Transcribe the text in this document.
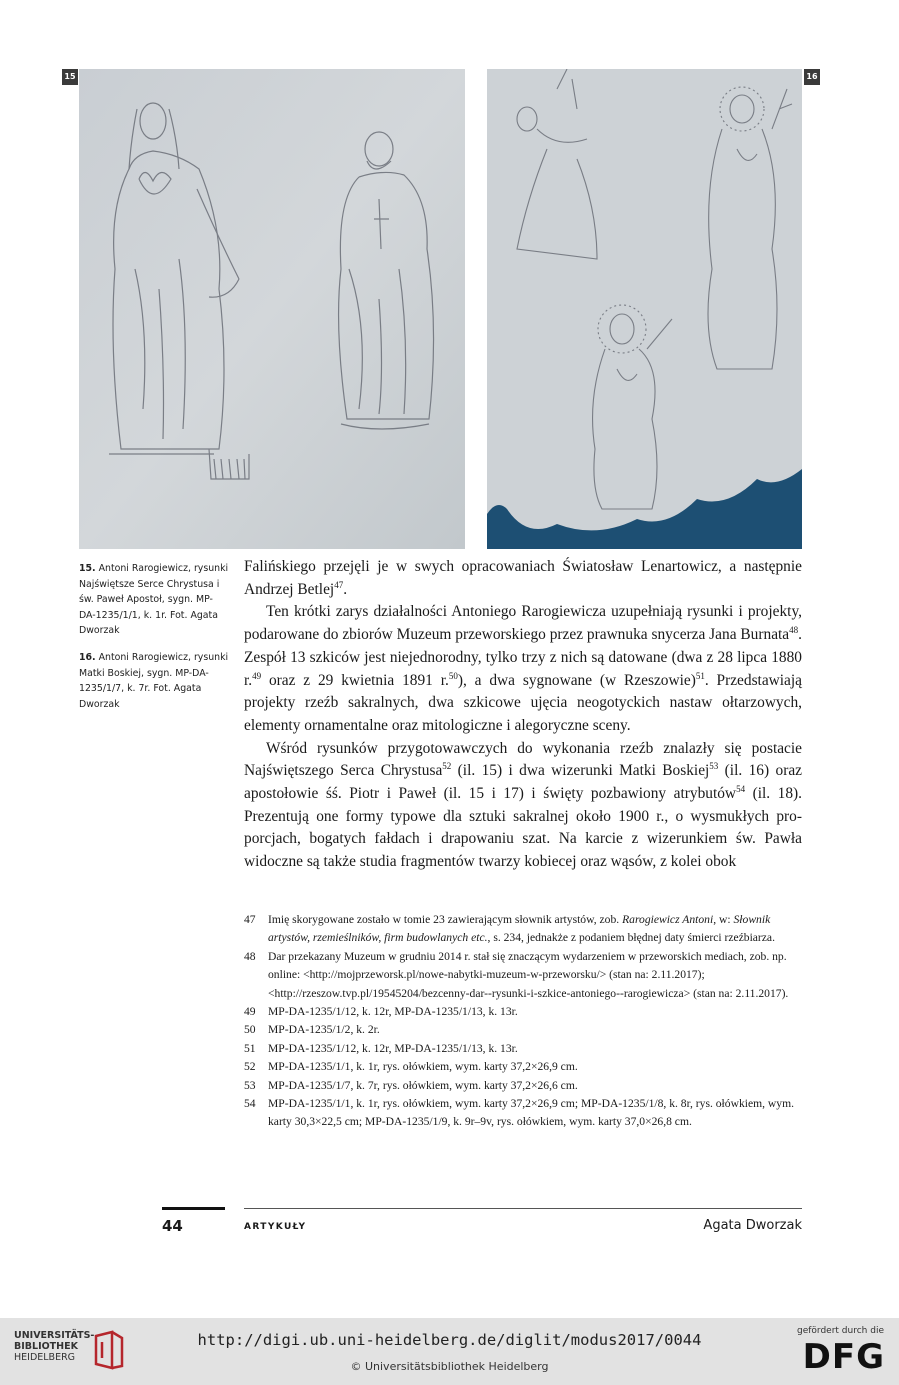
15	16

15. Antoni Rarogiewicz, rysunki Najświętsze Serce Chrystusa i św. Paweł Apostoł, sygn. MP-DA-1235/1/1, k. 1r. Fot. Agata Dworzak

16. Antoni Rarogiewicz, rysunki Matki Boskiej, sygn. MP-DA-1235/1/7, k. 7r. Fot. Agata Dworzak

Falińskiego przejęli je w swych opracowaniach Światosław Lenartowicz, a następnie Andrzej Betlej$^{47}$.

Ten krótki zarys działalności Antoniego Rarogiewicza uzupełniają rysunki i projekty, podarowane do zbiorów Muzeum przeworskiego przez prawnuka snycerza Jana Burnata$^{48}$. Zespół 13 szkiców jest niejednorodny, tylko trzy z nich są datowane (dwa z 28 lipca 1880 r.$^{49}$ oraz z 29 kwietnia 1891 r.$^{50}$), a dwa sygnowane (w Rzeszowie)$^{51}$. Przedstawiają projekty rzeźb sakralnych, dwa szkicowe ujęcia neogotyckich nastaw ołtarzowych, elementy ornamentalne oraz mitologiczne i alegoryczne sceny.

Wśród rysunków przygotowawczych do wykonania rzeźb znalazły się postacie Najświętszego Serca Chrystusa$^{52}$ (il. 15) i dwa wizerunki Matki Boskiej$^{53}$ (il. 16) oraz apostołowie śś. Piotr i Paweł (il. 15 i 17) i święty pozbawiony atrybutów$^{54}$ (il. 18). Prezentują one formy typowe dla sztuki sakralnej około 1900 r., o wysmukłych proporcjach, bogatych fałdach i drapowaniu szat. Na karcie z wizerunkiem św. Pawła widoczne są także studia fragmentów twarzy kobiecej oraz wąsów, z kolei obok

47	Imię skorygowane zostało w tomie 23 zawierającym słownik artystów, zob. Rarogiewicz Antoni, w: Słownik artystów, rzemieślników, firm budowlanych etc., s. 234, jednakże z podaniem błędnej daty śmierci rzeźbiarza.
48	Dar przekazany Muzeum w grudniu 2014 r. stał się znaczącym wydarzeniem w przeworskich mediach, zob. np. online: <http://mojprzeworsk.pl/nowe-nabytki-muzeum-w-przeworsku/> (stan na: 2.11.2017); <http://rzeszow.tvp.pl/19545204/bezcenny-dar--rysunki-i-szkice-antoniego--rarogiewicza> (stan na: 2.11.2017).
49	MP-DA-1235/1/12, k. 12r, MP-DA-1235/1/13, k. 13r.
50	MP-DA-1235/1/2, k. 2r.
51	MP-DA-1235/1/12, k. 12r, MP-DA-1235/1/13, k. 13r.
52	MP-DA-1235/1/1, k. 1r, rys. ołówkiem, wym. karty 37,2×26,9 cm.
53	MP-DA-1235/1/7, k. 7r, rys. ołówkiem, wym. karty 37,2×26,6 cm.
54	MP-DA-1235/1/1, k. 1r, rys. ołówkiem, wym. karty 37,2×26,9 cm; MP-DA-1235/1/8, k. 8r, rys. ołówkiem, wym. karty 30,3×22,5 cm; MP-DA-1235/1/9, k. 9r–9v, rys. ołówkiem, wym. karty 37,0×26,8 cm.
44	ARTYKUŁY	Agata Dworzak
UNIVERSITÄTS-
BIBLIOTHEK
HEIDELBERG
http://digi.ub.uni-heidelberg.de/diglit/modus2017/0044
© Universitätsbibliothek Heidelberg
gefördert durch die
DFG
